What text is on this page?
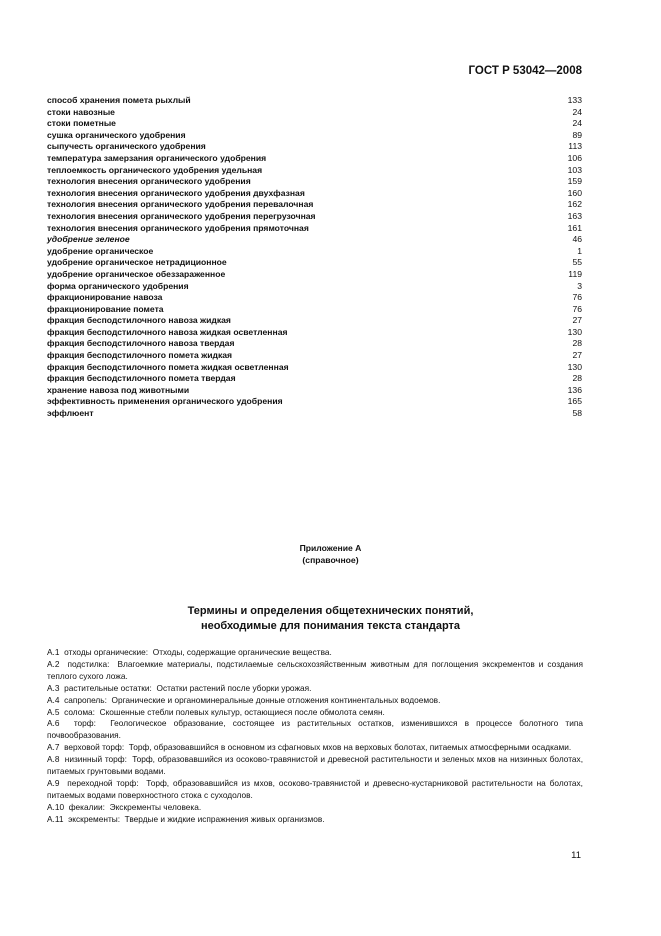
ГОСТ Р 53042—2008
способ хранения помета рыхлый	133
стоки навозные	24
стоки пометные	24
сушка органического удобрения	89
сыпучесть органического удобрения	113
температура замерзания органического удобрения	106
теплоемкость органического удобрения удельная	103
технология внесения органического удобрения	159
технология внесения органического удобрения двухфазная	160
технология внесения органического удобрения перевалочная	162
технология внесения органического удобрения перегрузочная	163
технология внесения органического удобрения прямоточная	161
удобрение зеленое	46
удобрение органическое	1
удобрение органическое нетрадиционное	55
удобрение органическое обеззараженное	119
форма органического удобрения	3
фракционирование навоза	76
фракционирование помета	76
фракция бесподстилочного навоза жидкая	27
фракция бесподстилочного навоза жидкая осветленная	130
фракция бесподстилочного навоза твердая	28
фракция бесподстилочного помета жидкая	27
фракция бесподстилочного помета жидкая осветленная	130
фракция бесподстилочного помета твердая	28
хранение навоза под животными	136
эффективность применения органического удобрения	165
эффлюент	58
Приложение А
(справочное)
Термины и определения общетехнических понятий,
необходимые для понимания текста стандарта

А.1 отходы органические: Отходы, содержащие органические вещества.

А.2 подстилка: Влагоемкие материалы, подстилаемые сельскохозяйственным животным для поглощения экскрементов и создания теплого сухого ложа.

А.3 растительные остатки: Остатки растений после уборки урожая.

А.4 сапропель: Органические и органоминеральные донные отложения континентальных водоемов.

А.5 солома: Скошенные стебли полевых культур, остающиеся после обмолота семян.

А.6 торф: Геологическое образование, состоящее из растительных остатков, изменившихся в процессе болотного типа почвообразования.

А.7 верховой торф: Торф, образовавшийся в основном из сфагновых мхов на верховых болотах, питаемых атмосферными осадками.

А.8 низинный торф: Торф, образовавшийся из осоково-травянистой и древесной растительности и зеленых мхов на низинных болотах, питаемых грунтовыми водами.

А.9 переходной торф: Торф, образовавшийся из мхов, осоково-травянистой и древесно-кустарниковой растительности на болотах, питаемых водами поверхностного стока с суходолов.

А.10 фекалии: Экскременты человека.

А.11 экскременты: Твердые и жидкие испражнения живых организмов.

11
